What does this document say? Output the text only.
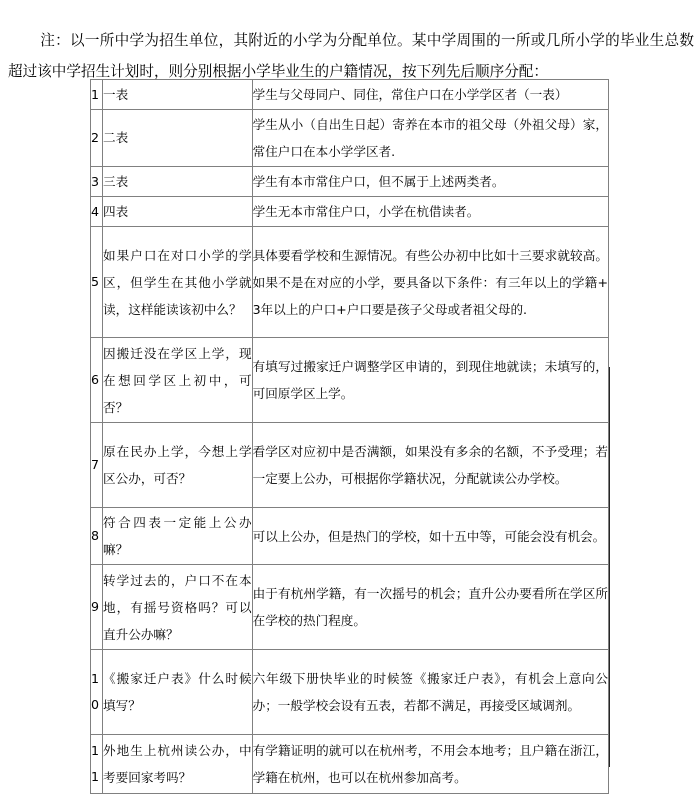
注：以一所中学为招生单位，其附近的小学为分配单位。某中学周围的一所或几所小学的毕业生总数超过该中学招生计划时，则分别根据小学毕业生的户籍情况，按下列先后顺序分配：

1	一表	学生与父母同户、同住，常住户口在小学学区者（一表）

2	二表	学生从小（自出生日起）寄养在本市的祖父母（外祖父母）家，常住户口在本小学学区者.

3	三表	学生有本市常住户口，但不属于上述两类者。

4	四表	学生无本市常住户口，小学在杭借读者。

5	如果户口在对口小学的学区，但学生在其他小学就读，这样能读该初中么？	具体要看学校和生源情况。有些公办初中比如十三要求就较高。如果不是在对应的小学，要具备以下条件：有三年以上的学籍+3年以上的户口+户口要是孩子父母或者祖父母的.

6	因搬迁没在学区上学，现在想回学区上初中，可否？	有填写过搬家迁户调整学区申请的，到现住地就读；未填写的，可回原学区上学。

7	原在民办上学，今想上学区公办，可否？	看学区对应初中是否满额，如果没有多余的名额，不予受理；若一定要上公办，可根据你学籍状况，分配就读公办学校。

8	符合四表一定能上公办嘛？	可以上公办，但是热门的学校，如十五中等，可能会没有机会。

9	转学过去的，户口不在本地，有摇号资格吗？可以直升公办嘛？	由于有杭州学籍，有一次摇号的机会；直升公办要看所在学区所在学校的热门程度。

10	《搬家迁户表》什么时候填写？	六年级下册快毕业的时候签《搬家迁户表》，有机会上意向公办；一般学校会设有五表，若都不满足，再接受区域调剂。

11	外地生上杭州读公办，中考要回家考吗？	有学籍证明的就可以在杭州考，不用会本地考；且户籍在浙江，学籍在杭州，也可以在杭州参加高考。
